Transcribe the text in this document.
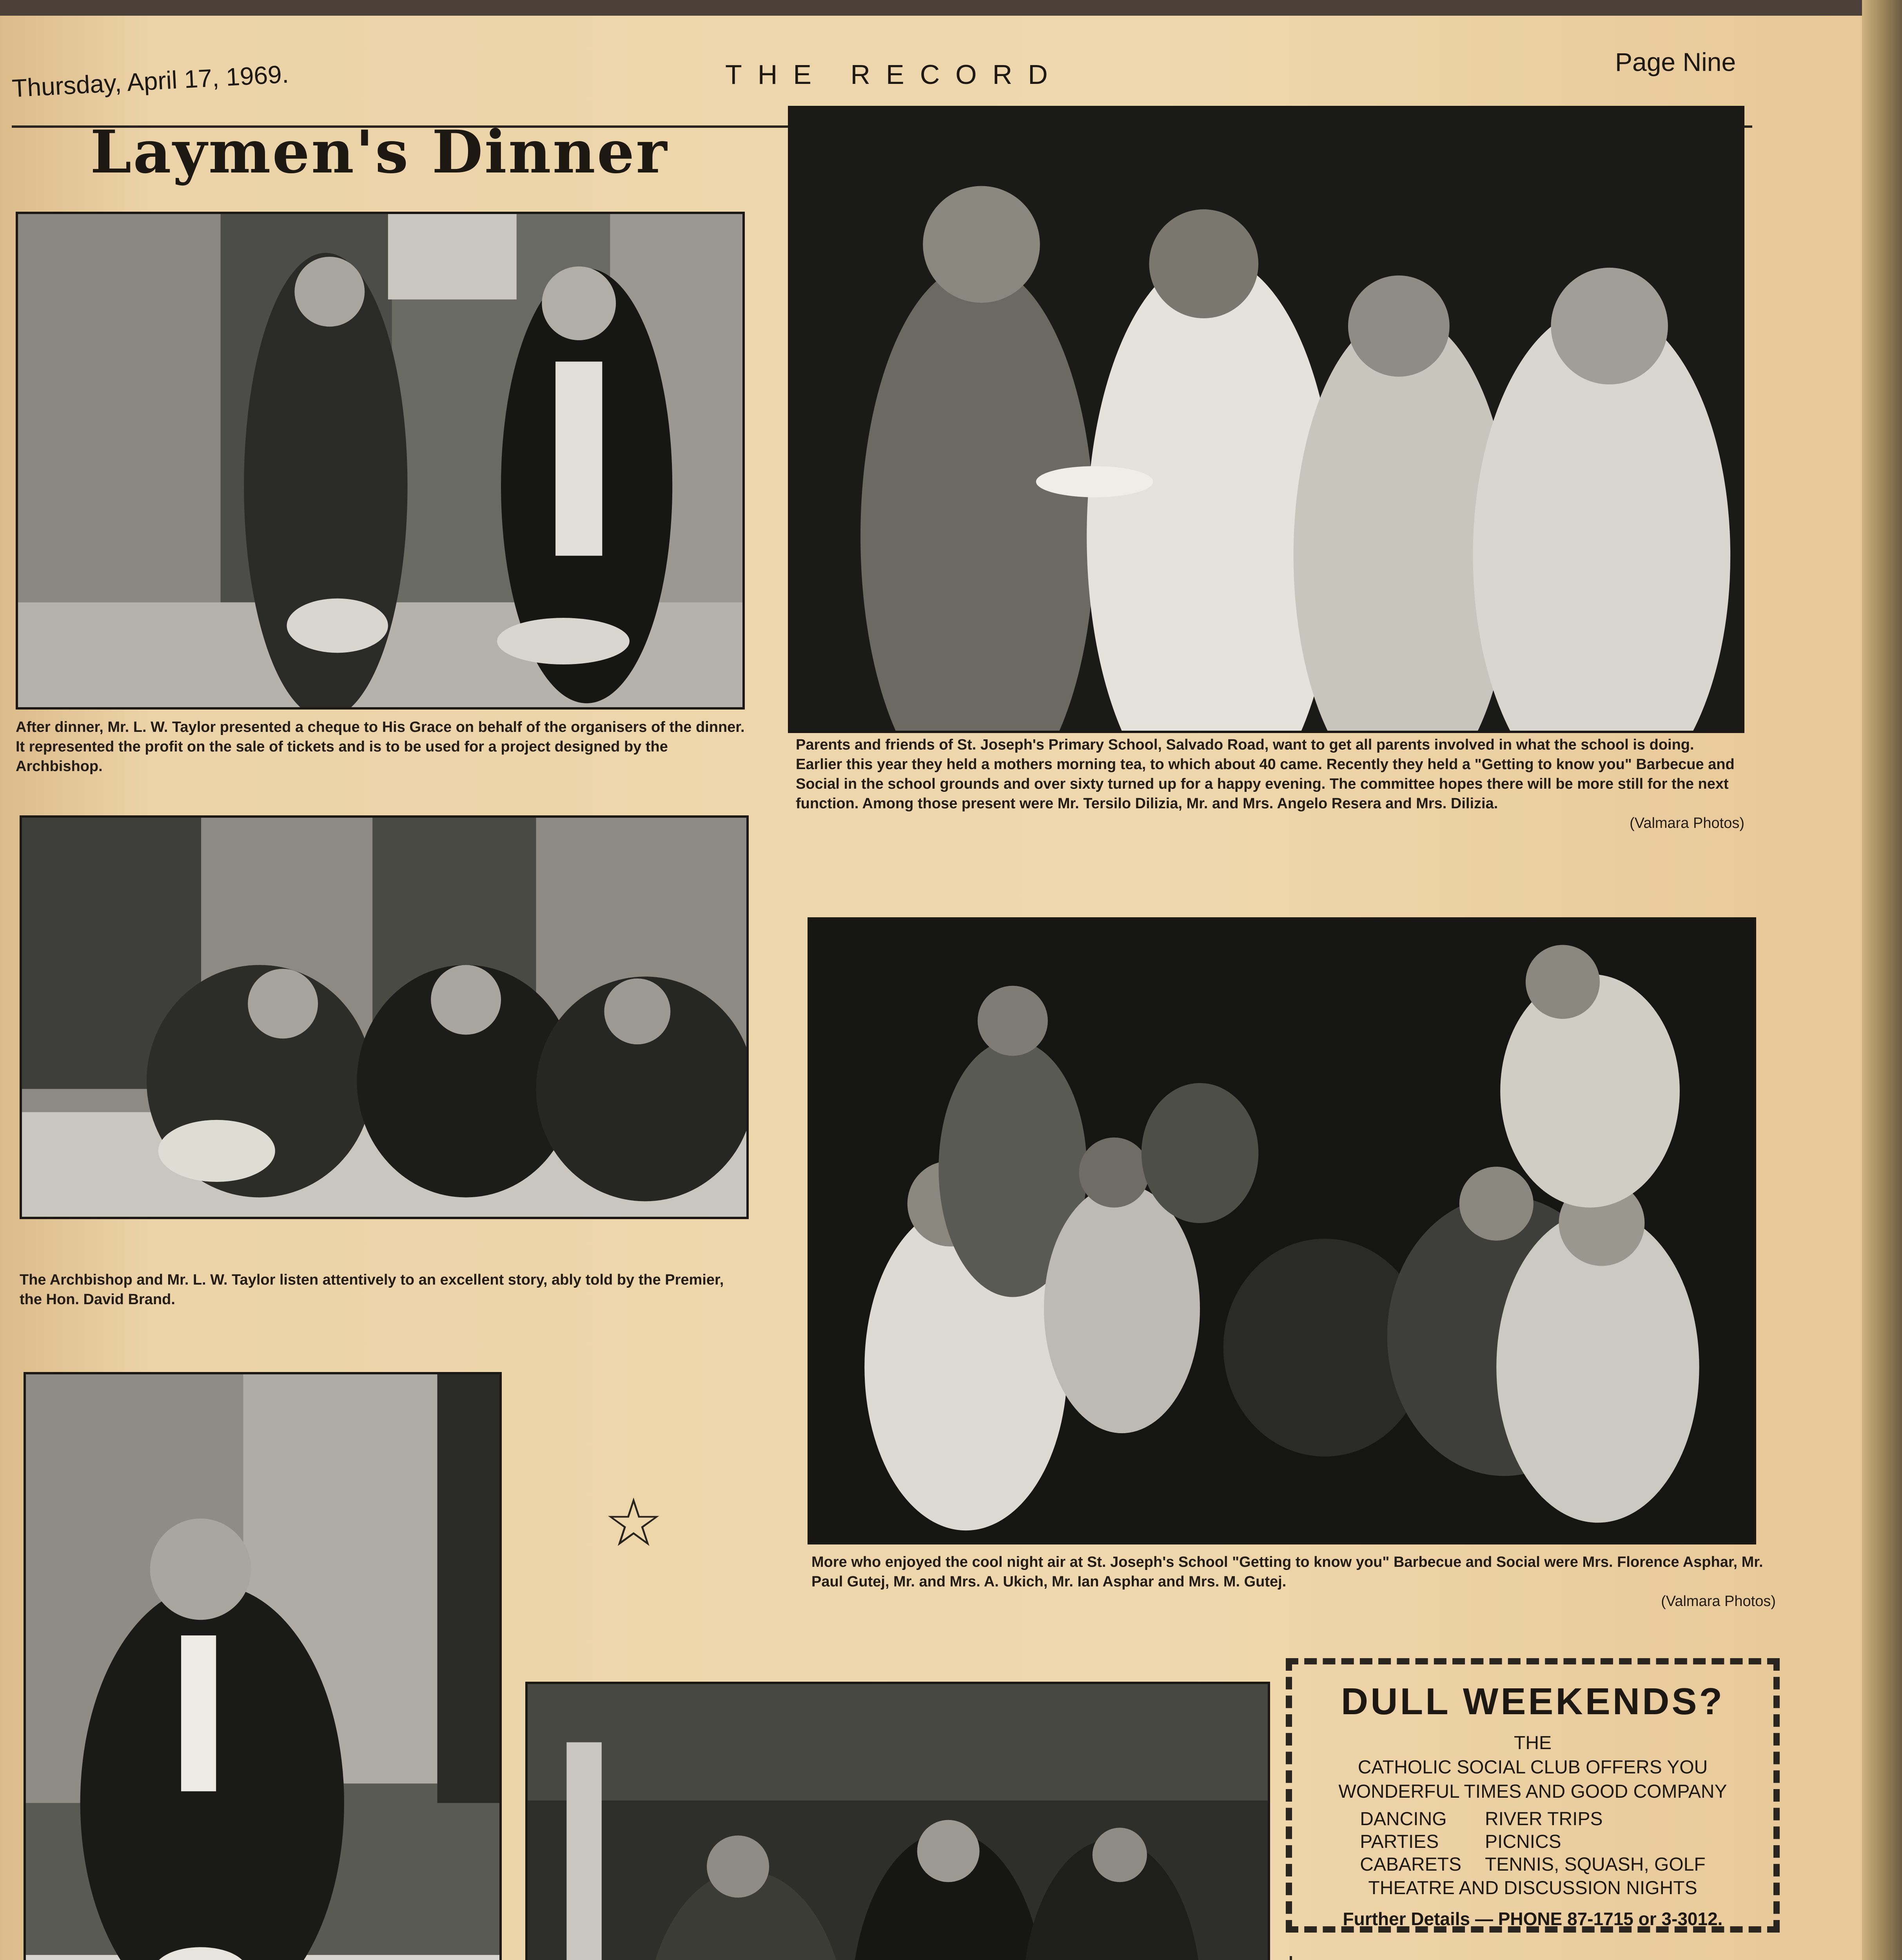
Thursday, April 17, 1969.	THE RECORD	Page Nine
Laymen's Dinner
After dinner, Mr. L. W. Taylor presented a cheque to His Grace on behalf of the organisers of the dinner. It represented the profit on the sale of tickets and is to be used for a project designed by the Archbishop.
Parents and friends of St. Joseph's Primary School, Salvado Road, want to get all parents involved in what the school is doing. Earlier this year they held a mothers morning tea, to which about 40 came. Recently they held a "Getting to know you" Barbecue and Social in the school grounds and over sixty turned up for a happy evening. The committee hopes there will be more still for the next function. Among those present were Mr. Tersilo Dilizia, Mr. and Mrs. Angelo Resera and Mrs. Dilizia.
(Valmara Photos)
The Archbishop and Mr. L. W. Taylor listen attentively to an excellent story, ably told by the Premier, the Hon. David Brand.
More who enjoyed the cool night air at St. Joseph's School "Getting to know you" Barbecue and Social were Mrs. Florence Asphar, Mr. Paul Gutej, Mr. and Mrs. A. Ukich, Mr. Ian Asphar and Mrs. M. Gutej.
(Valmara Photos)
☆
DULL WEEKENDS?
THE
CATHOLIC SOCIAL CLUB OFFERS YOU
WONDERFUL TIMES AND GOOD COMPANY
DANCING
PARTIES
CABARETS
RIVER TRIPS
PICNICS
TENNIS, SQUASH, GOLF
THEATRE AND DISCUSSION NIGHTS
Further Details — PHONE 87-1715 or 3-3012.
